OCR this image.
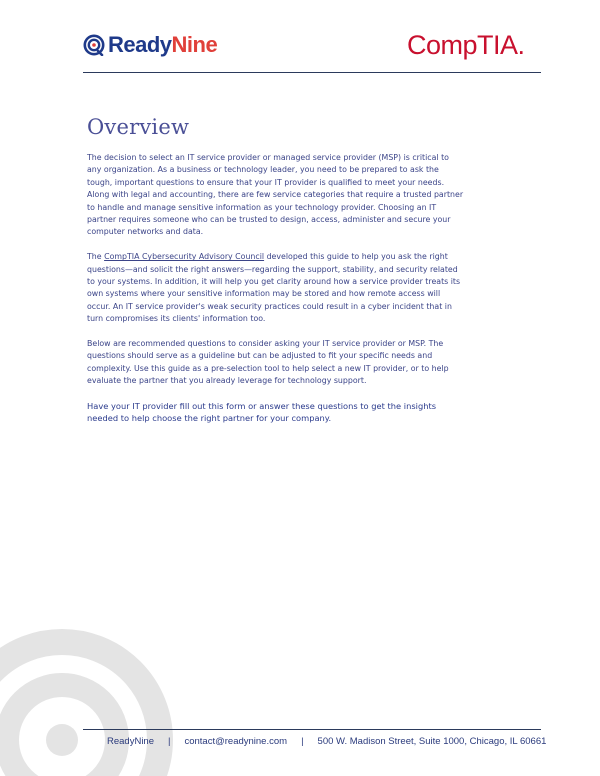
ReadyNine	CompTIA.
Overview

The decision to select an IT service provider or managed service provider (MSP) is critical to any organization. As a business or technology leader, you need to be prepared to ask the tough, important questions to ensure that your IT provider is qualified to meet your needs. Along with legal and accounting, there are few service categories that require a trusted partner to handle and manage sensitive information as your technology provider. Choosing an IT partner requires someone who can be trusted to design, access, administer and secure your computer networks and data.

The CompTIA Cybersecurity Advisory Council developed this guide to help you ask the right questions—and solicit the right answers—regarding the support, stability, and security related to your systems. In addition, it will help you get clarity around how a service provider treats its own systems where your sensitive information may be stored and how remote access will occur. An IT service provider's weak security practices could result in a cyber incident that in turn compromises its clients' information too.

Below are recommended questions to consider asking your IT service provider or MSP. The questions should serve as a guideline but can be adjusted to fit your specific needs and complexity. Use this guide as a pre-selection tool to help select a new IT provider, or to help evaluate the partner that you already leverage for technology support.

Have your IT provider fill out this form or answer these questions to get the insights needed to help choose the right partner for your company.

ReadyNine | contact@readynine.com | 500 W. Madison Street, Suite 1000, Chicago, IL 60661
